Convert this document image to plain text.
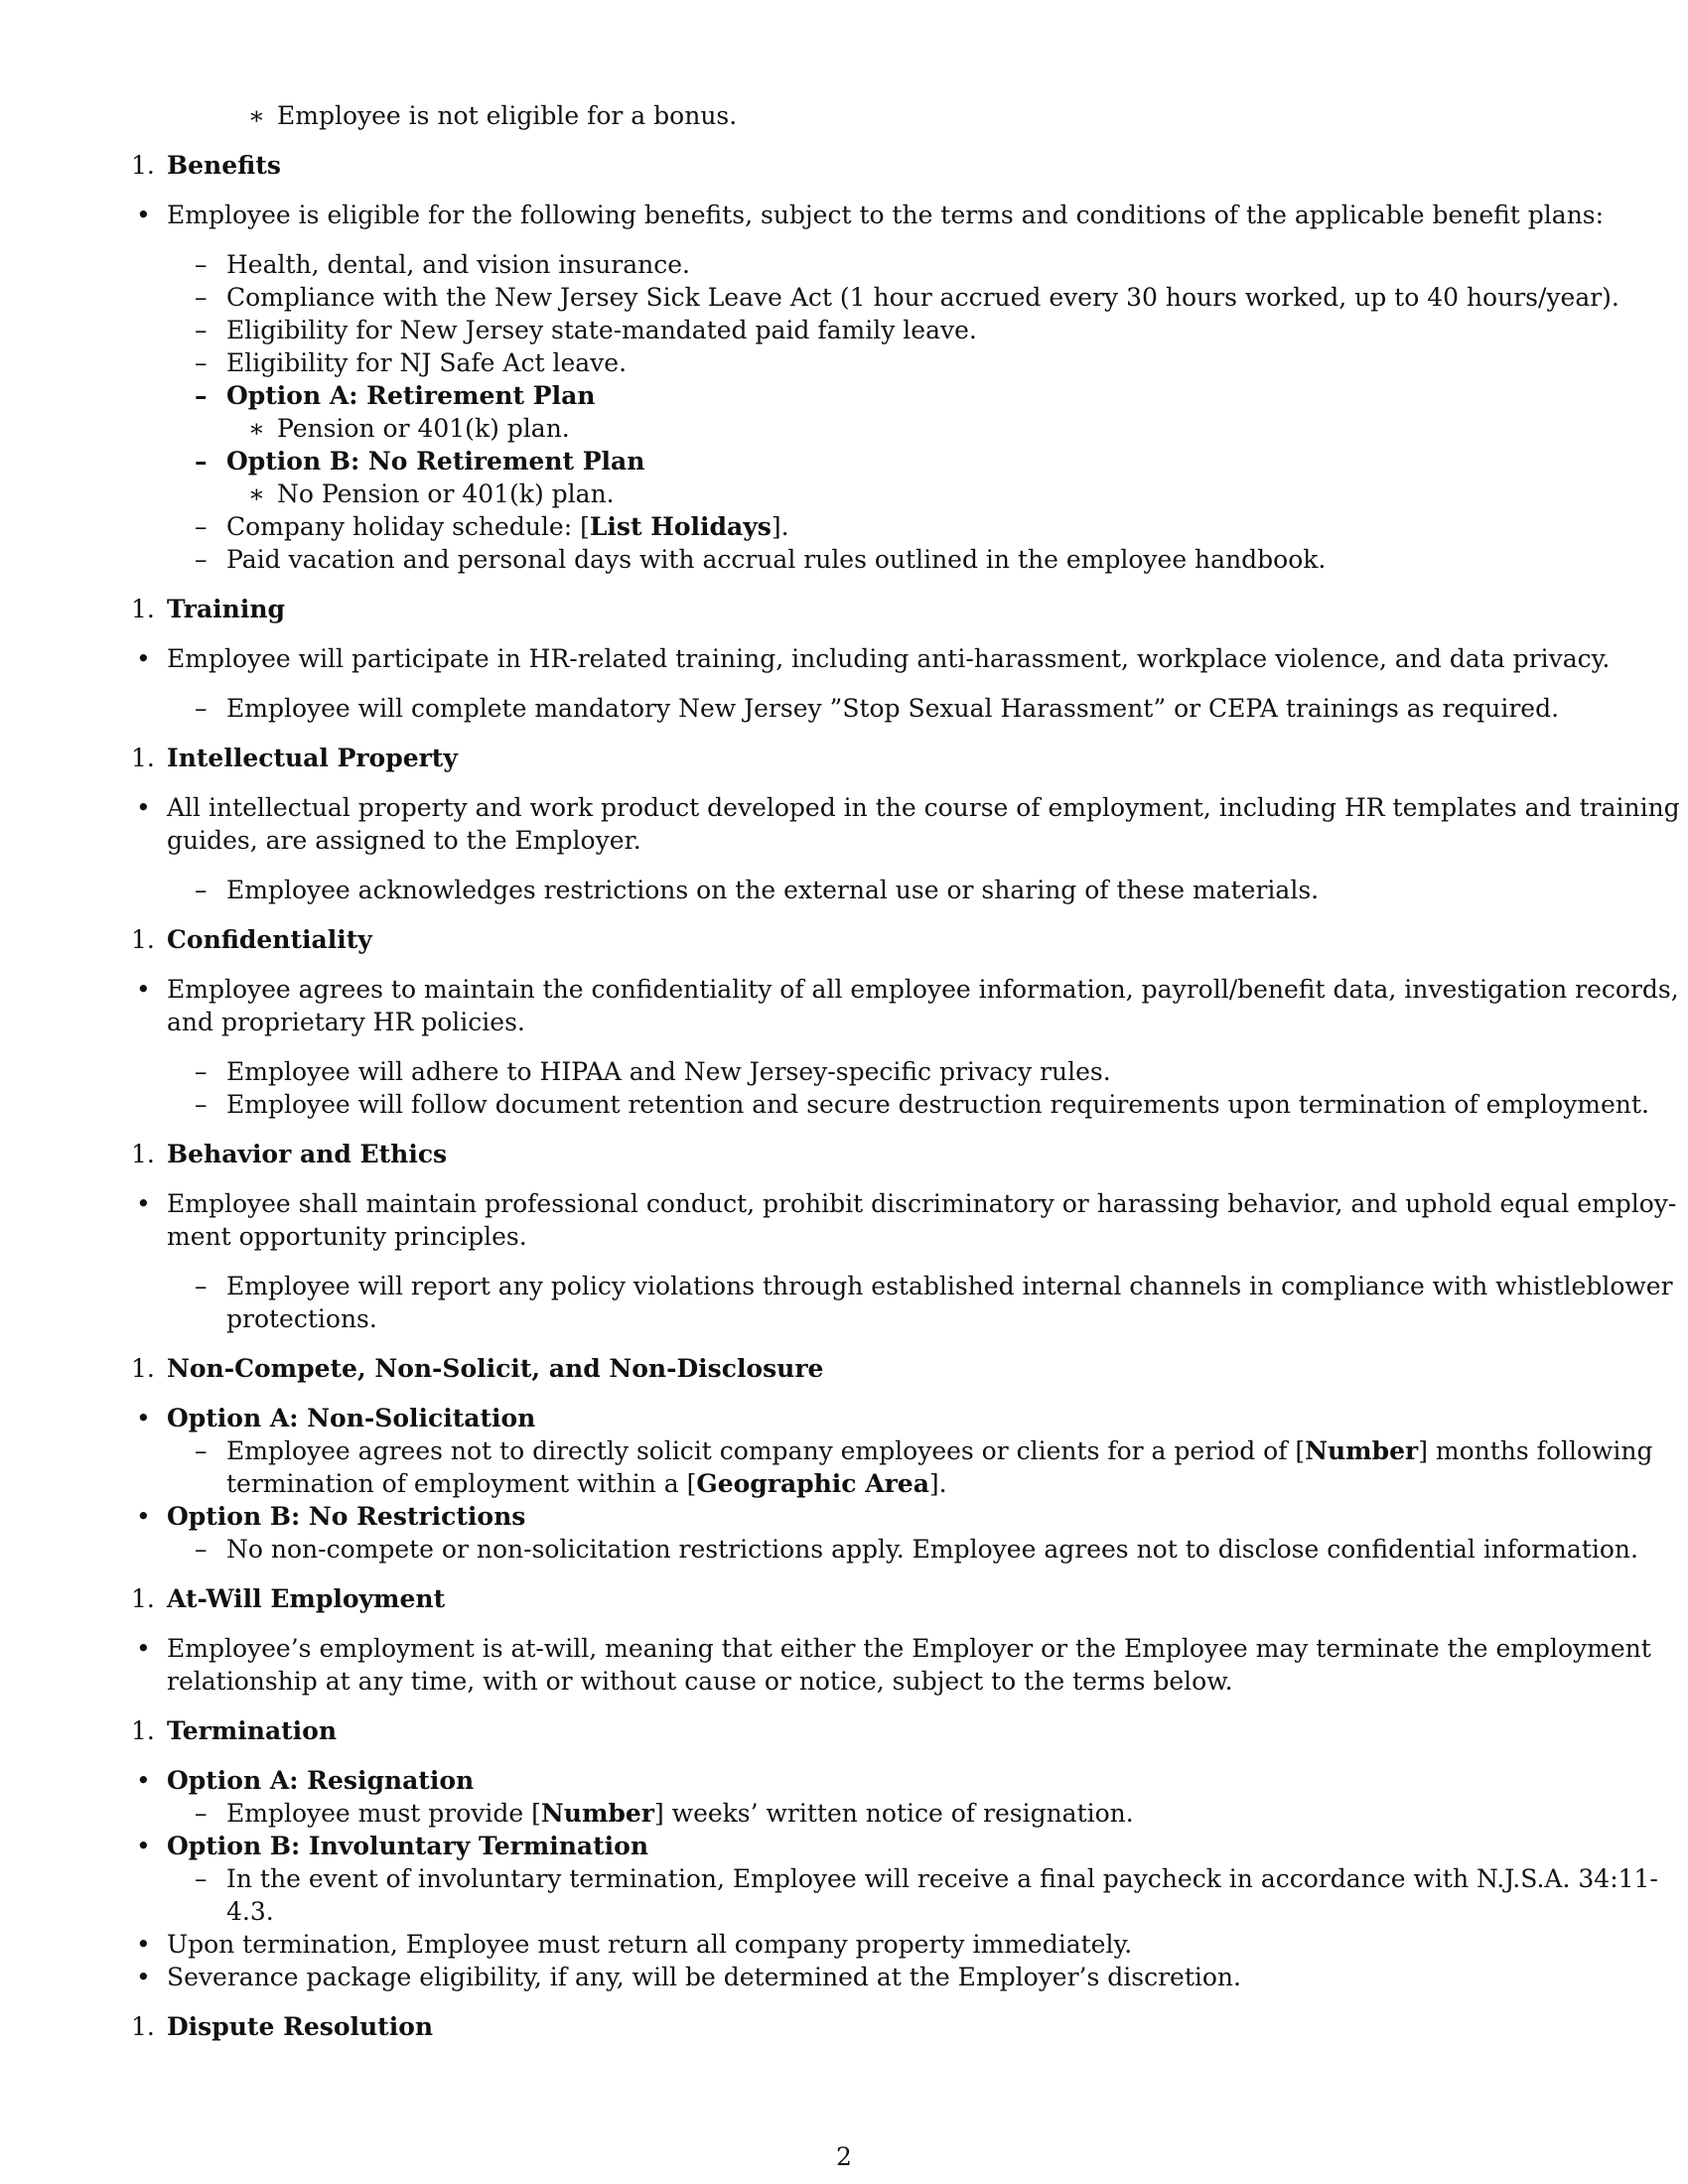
∗ Employee is not eligible for a bonus.
1. Benefits
• Employee is eligible for the following benefits, subject to the terms and conditions of the applicable benefit plans:
– Health, dental, and vision insurance.
– Compliance with the New Jersey Sick Leave Act (1 hour accrued every 30 hours worked, up to 40 hours/year).
– Eligibility for New Jersey state-mandated paid family leave.
– Eligibility for NJ Safe Act leave.
– Option A: Retirement Plan
∗ Pension or 401(k) plan.
– Option B: No Retirement Plan
∗ No Pension or 401(k) plan.
– Company holiday schedule: [List Holidays].
– Paid vacation and personal days with accrual rules outlined in the employee handbook.
1. Training
• Employee will participate in HR-related training, including anti-harassment, workplace violence, and data privacy.
– Employee will complete mandatory New Jersey ”Stop Sexual Harassment” or CEPA trainings as required.
1. Intellectual Property
• All intellectual property and work product developed in the course of employment, including HR templates and training
guides, are assigned to the Employer.
– Employee acknowledges restrictions on the external use or sharing of these materials.
1. Confidentiality
• Employee agrees to maintain the confidentiality of all employee information, payroll/benefit data, investigation records,
and proprietary HR policies.
– Employee will adhere to HIPAA and New Jersey-specific privacy rules.
– Employee will follow document retention and secure destruction requirements upon termination of employment.
1. Behavior and Ethics
• Employee shall maintain professional conduct, prohibit discriminatory or harassing behavior, and uphold equal employ-
ment opportunity principles.
– Employee will report any policy violations through established internal channels in compliance with whistleblower
protections.
1. Non-Compete, Non-Solicit, and Non-Disclosure
• Option A: Non-Solicitation
– Employee agrees not to directly solicit company employees or clients for a period of [Number] months following
termination of employment within a [Geographic Area].
• Option B: No Restrictions
– No non-compete or non-solicitation restrictions apply. Employee agrees not to disclose confidential information.
1. At-Will Employment
• Employee’s employment is at-will, meaning that either the Employer or the Employee may terminate the employment
relationship at any time, with or without cause or notice, subject to the terms below.
1. Termination
• Option A: Resignation
– Employee must provide [Number] weeks’ written notice of resignation.
• Option B: Involuntary Termination
– In the event of involuntary termination, Employee will receive a final paycheck in accordance with N.J.S.A. 34:11-
4.3.
• Upon termination, Employee must return all company property immediately.
• Severance package eligibility, if any, will be determined at the Employer’s discretion.
1. Dispute Resolution
2
